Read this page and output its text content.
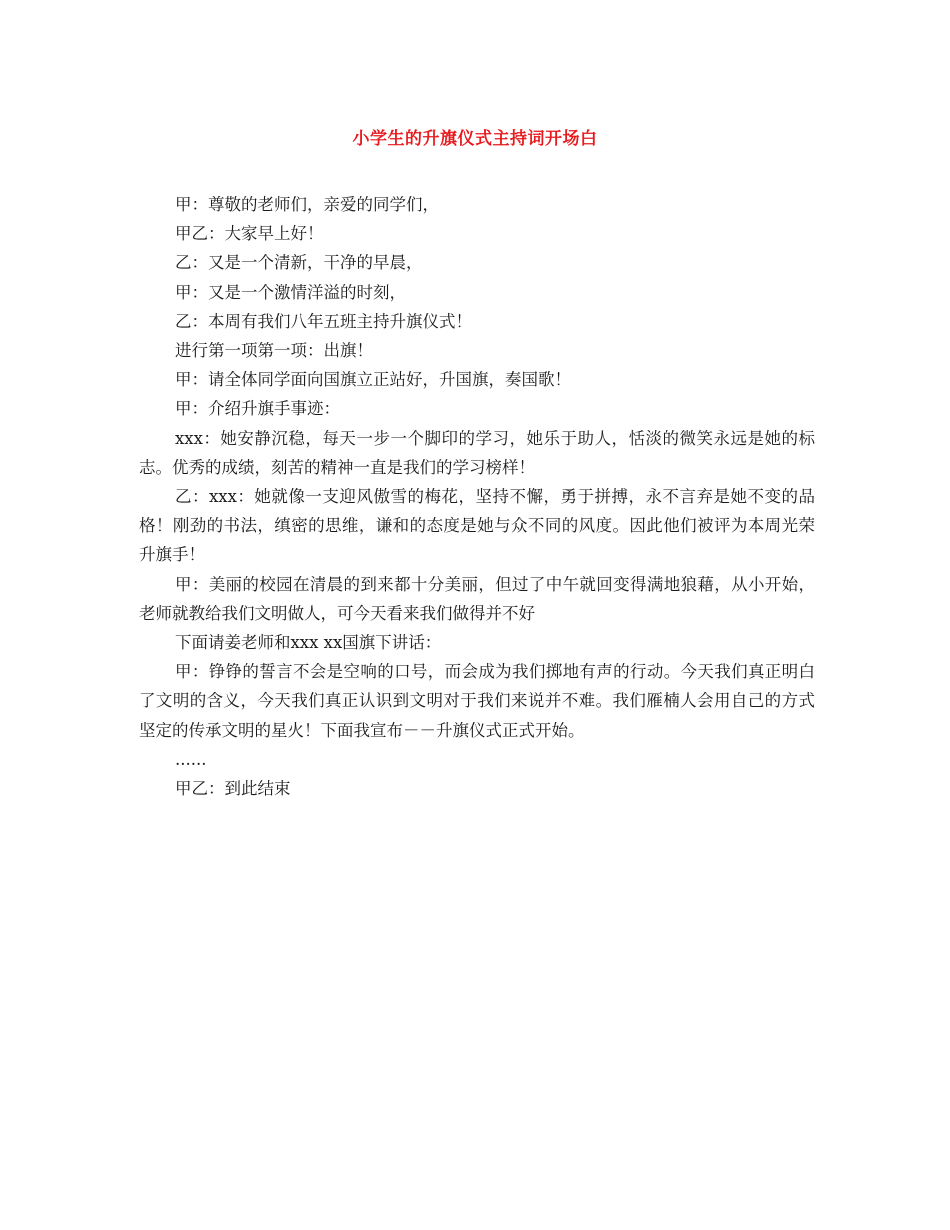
小学生的升旗仪式主持词开场白

甲：尊敬的老师们，亲爱的同学们，

甲乙：大家早上好！

乙：又是一个清新，干净的早晨，

甲：又是一个激情洋溢的时刻，

乙：本周有我们八年五班主持升旗仪式！

进行第一项第一项：出旗！

甲：请全体同学面向国旗立正站好，升国旗，奏国歌！

甲：介绍升旗手事迹：

xxx：她安静沉稳，每天一步一个脚印的学习，她乐于助人，恬淡的微笑永远是她的标志。优秀的成绩，刻苦的精神一直是我们的学习榜样！

乙：xxx：她就像一支迎风傲雪的梅花，坚持不懈，勇于拼搏，永不言弃是她不变的品格！刚劲的书法，缜密的思维，谦和的态度是她与众不同的风度。因此他们被评为本周光荣升旗手！

甲：美丽的校园在清晨的到来都十分美丽，但过了中午就回变得满地狼藉，从小开始，老师就教给我们文明做人，可今天看来我们做得并不好

下面请姜老师和xxx xx国旗下讲话：

甲：铮铮的誓言不会是空响的口号，而会成为我们掷地有声的行动。今天我们真正明白了文明的含义，今天我们真正认识到文明对于我们来说并不难。我们雁楠人会用自己的方式坚定的传承文明的星火！下面我宣布－－升旗仪式正式开始。

......

甲乙：到此结束
